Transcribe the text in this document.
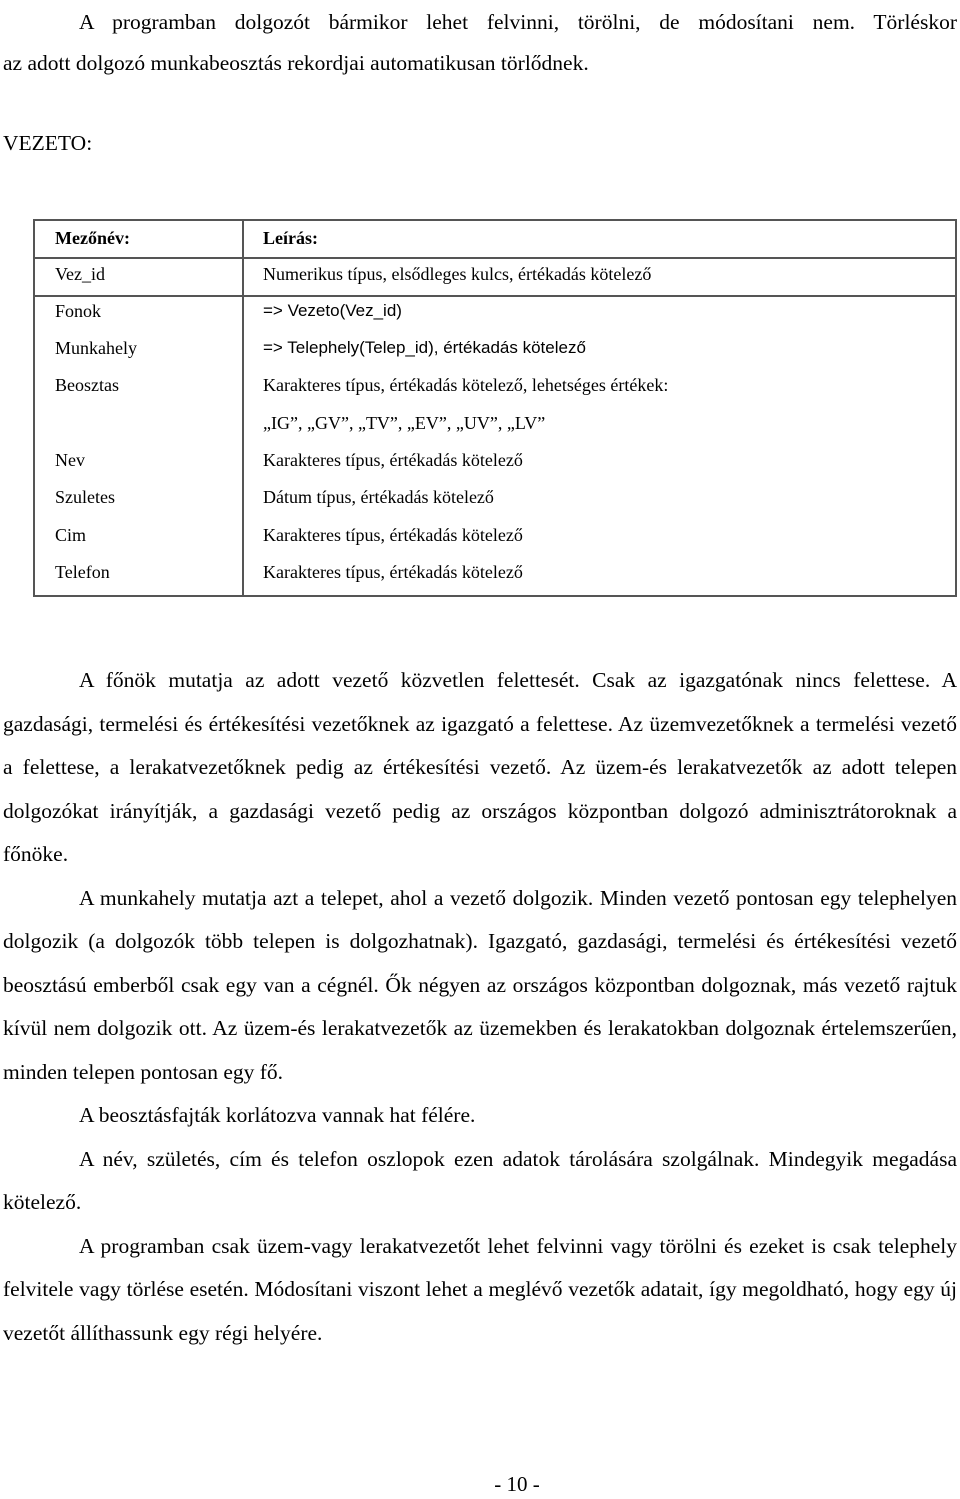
A programban dolgozót bármikor lehet felvinni, törölni, de módosítani nem. Törléskor
az adott dolgozó munkabeosztás rekordjai automatikusan törlődnek.
VEZETO:
Mezőnév:	Leírás:
Vez_id	Numerikus típus, elsődleges kulcs, értékadás kötelező
Fonok	=> Vezeto(Vez_id)
Munkahely	=> Telephely(Telep_id), értékadás kötelező
Beosztas	Karakteres típus, értékadás kötelező, lehetséges értékek:
„IG”, „GV”, „TV”, „EV”, „UV”, „LV”
Nev	Karakteres típus, értékadás kötelező
Szuletes	Dátum típus, értékadás kötelező
Cim	Karakteres típus, értékadás kötelező
Telefon	Karakteres típus, értékadás kötelező

A főnök mutatja az adott vezető közvetlen felettesét. Csak az igazgatónak nincs felettese. A gazdasági, termelési és értékesítési vezetőknek az igazgató a felettese. Az üzemvezetőknek a termelési vezető a felettese, a lerakatvezetőknek pedig az értékesítési vezető. Az üzem-és lerakatvezetők az adott telepen dolgozókat irányítják, a gazdasági vezető pedig az országos központban dolgozó adminisztrátoroknak a főnöke.

A munkahely mutatja azt a telepet, ahol a vezető dolgozik. Minden vezető pontosan egy telephelyen dolgozik (a dolgozók több telepen is dolgozhatnak). Igazgató, gazdasági, termelési és értékesítési vezető beosztású emberből csak egy van a cégnél. Ők négyen az országos központban dolgoznak, más vezető rajtuk kívül nem dolgozik ott. Az üzem-és lerakatvezetők az üzemekben és lerakatokban dolgoznak értelemszerűen, minden telepen pontosan egy fő.

A beosztásfajták korlátozva vannak hat félére.

A név, születés, cím és telefon oszlopok ezen adatok tárolására szolgálnak. Mindegyik megadása kötelező.

A programban csak üzem-vagy lerakatvezetőt lehet felvinni vagy törölni és ezeket is csak telephely felvitele vagy törlése esetén. Módosítani viszont lehet a meglévő vezetők adatait, így megoldható, hogy egy új vezetőt állíthassunk egy régi helyére.

- 10 -
